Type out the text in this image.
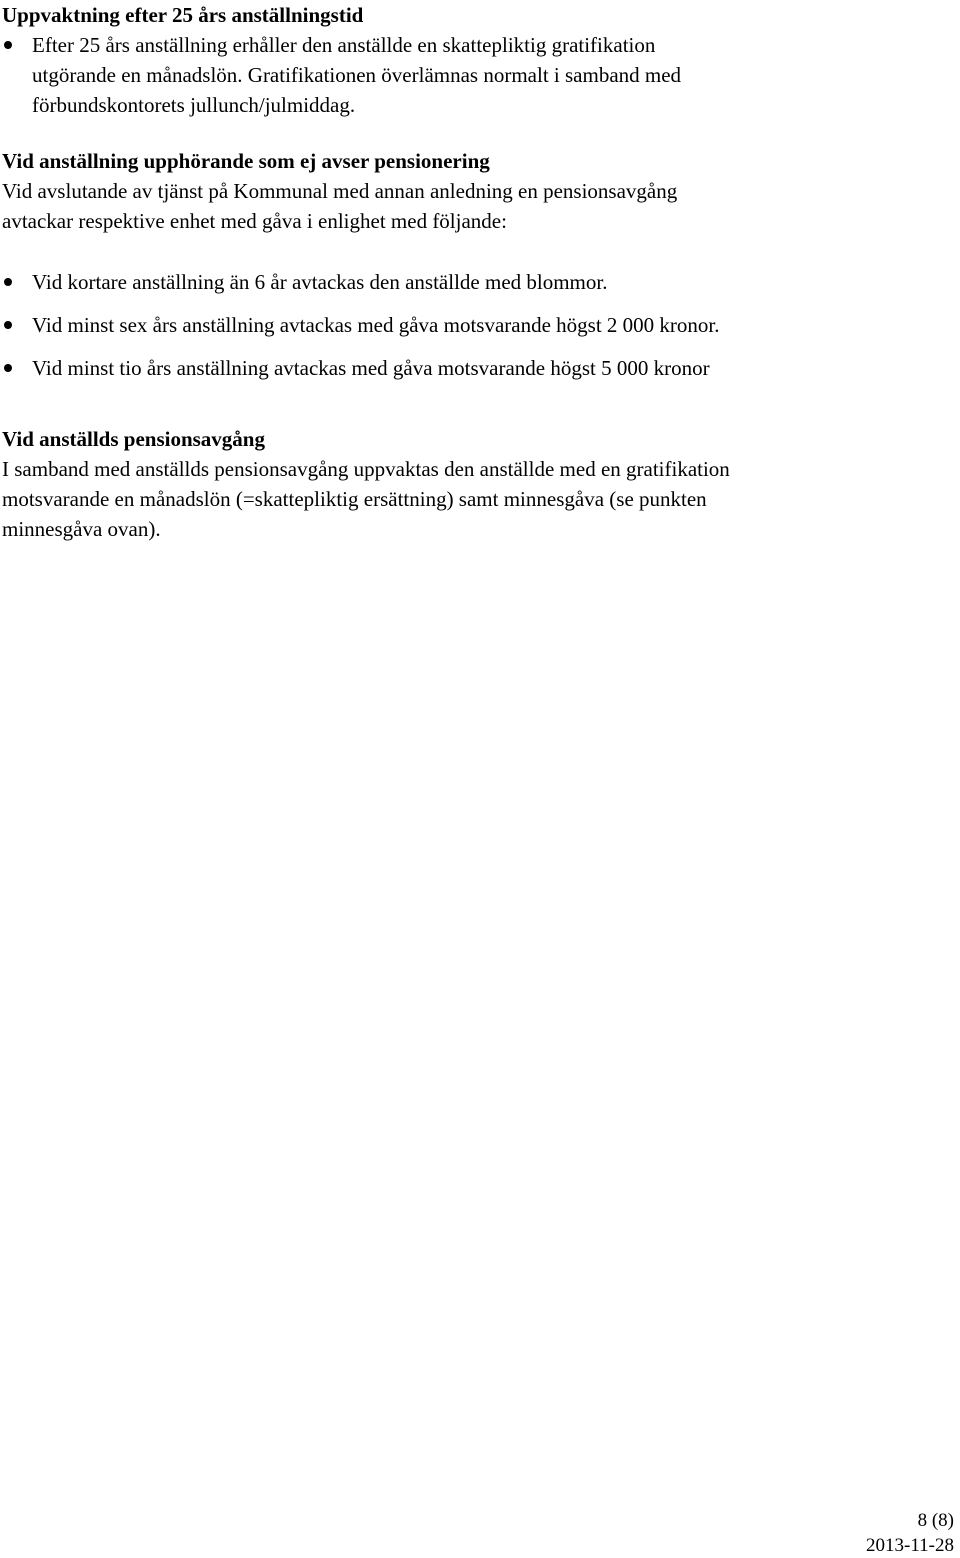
Uppvaktning efter 25 års anställningstid
Efter 25 års anställning erhåller den anställde en skattepliktig gratifikation
utgörande en månadslön. Gratifikationen överlämnas normalt i samband med
förbundskontorets jullunch/julmiddag.
Vid anställning upphörande som ej avser pensionering
Vid avslutande av tjänst på Kommunal med annan anledning en pensionsavgång
avtackar respektive enhet med gåva i enlighet med följande:
Vid kortare anställning än 6 år avtackas den anställde med blommor.
Vid minst sex års anställning avtackas med gåva motsvarande högst 2 000 kronor.
Vid minst tio års anställning avtackas med gåva motsvarande högst 5 000 kronor
Vid anställds pensionsavgång
I samband med anställds pensionsavgång uppvaktas den anställde med en gratifikation
motsvarande en månadslön (=skattepliktig ersättning) samt minnesgåva (se punkten
minnesgåva ovan).
8 (8)
2013-11-28
